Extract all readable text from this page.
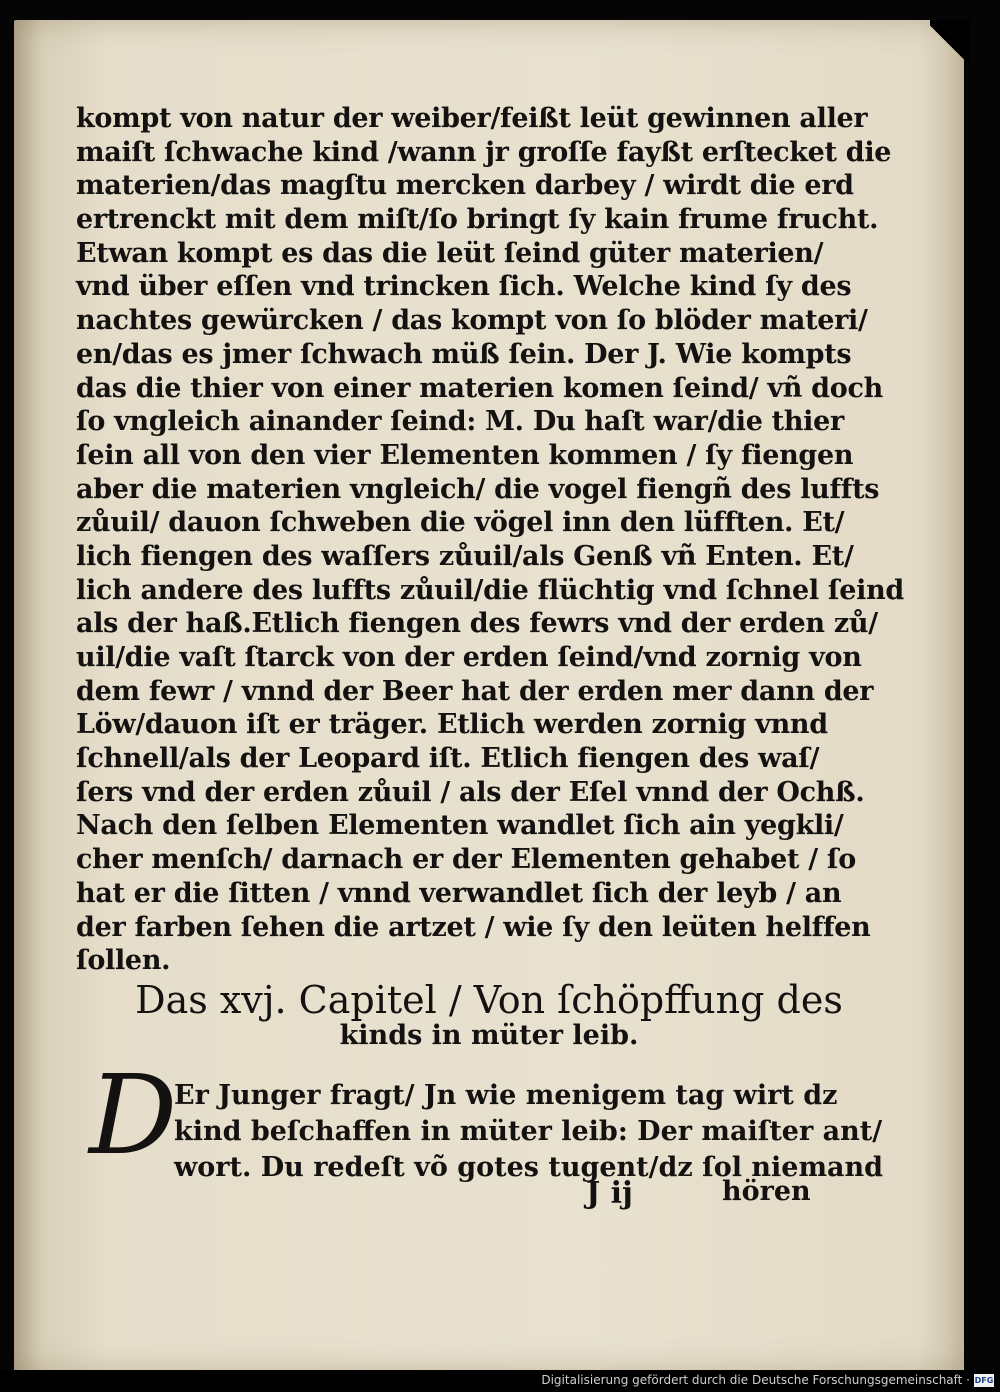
kompt von natur der weiber/feißt leüt gewinnen aller
maiſt ſchwache kind /wann jr groſſe fayßt erſtecket die
materien/das magſtu mercken darbey / wirdt die erd
ertrenckt mit dem miſt/ſo bringt ſy kain frume frucht.
Etwan kompt es das die leüt ſeind güter materien/
vnd über eſſen vnd trincken ſich. Welche kind ſy des
nachtes gewürcken / das kompt von ſo blöder materi/
en/das es jmer ſchwach müß ſein. Der J. Wie kompts
das die thier von einer materien komen ſeind/ vñ doch
ſo vngleich ainander ſeind: M. Du haſt war/die thier
ſein all von den vier Elementen kommen / ſy fiengen
aber die materien vngleich/ die vogel fiengñ des luffts
zůuil/ dauon ſchweben die vögel inn den lüfften. Et/
lich fiengen des waſſers zůuil/als Genß vñ Enten. Et/
lich andere des luffts zůuil/die flüchtig vnd ſchnel ſeind
als der haß.Etlich fiengen des fewrs vnd der erden zů/
uil/die vaſt ſtarck von der erden ſeind/vnd zornig von
dem fewr / vnnd der Beer hat der erden mer dann der
Löw/dauon iſt er träger. Etlich werden zornig vnnd
ſchnell/als der Leopard iſt. Etlich fiengen des waſ/
ſers vnd der erden zůuil / als der Eſel vnnd der Ochß.
Nach den ſelben Elementen wandlet ſich ain yegkli/
cher menſch/ darnach er der Elementen gehabet / ſo
hat er die ſitten / vnnd verwandlet ſich der leyb / an
der farben ſehen die artzet / wie ſy den leüten helffen
ſollen.
Das xvj. Capitel / Von ſchöpffung des
kinds in müter leib.
D
Er Junger fragt/ Jn wie menigem tag wirt dz
kind beſchaffen in müter leib: Der maiſter ant/
wort. Du redeſt võ gotes tugent/dz ſol niemand
J ij	hören
Digitalisierung gefördert durch die Deutsche Forschungsgemeinschaft · DFG
